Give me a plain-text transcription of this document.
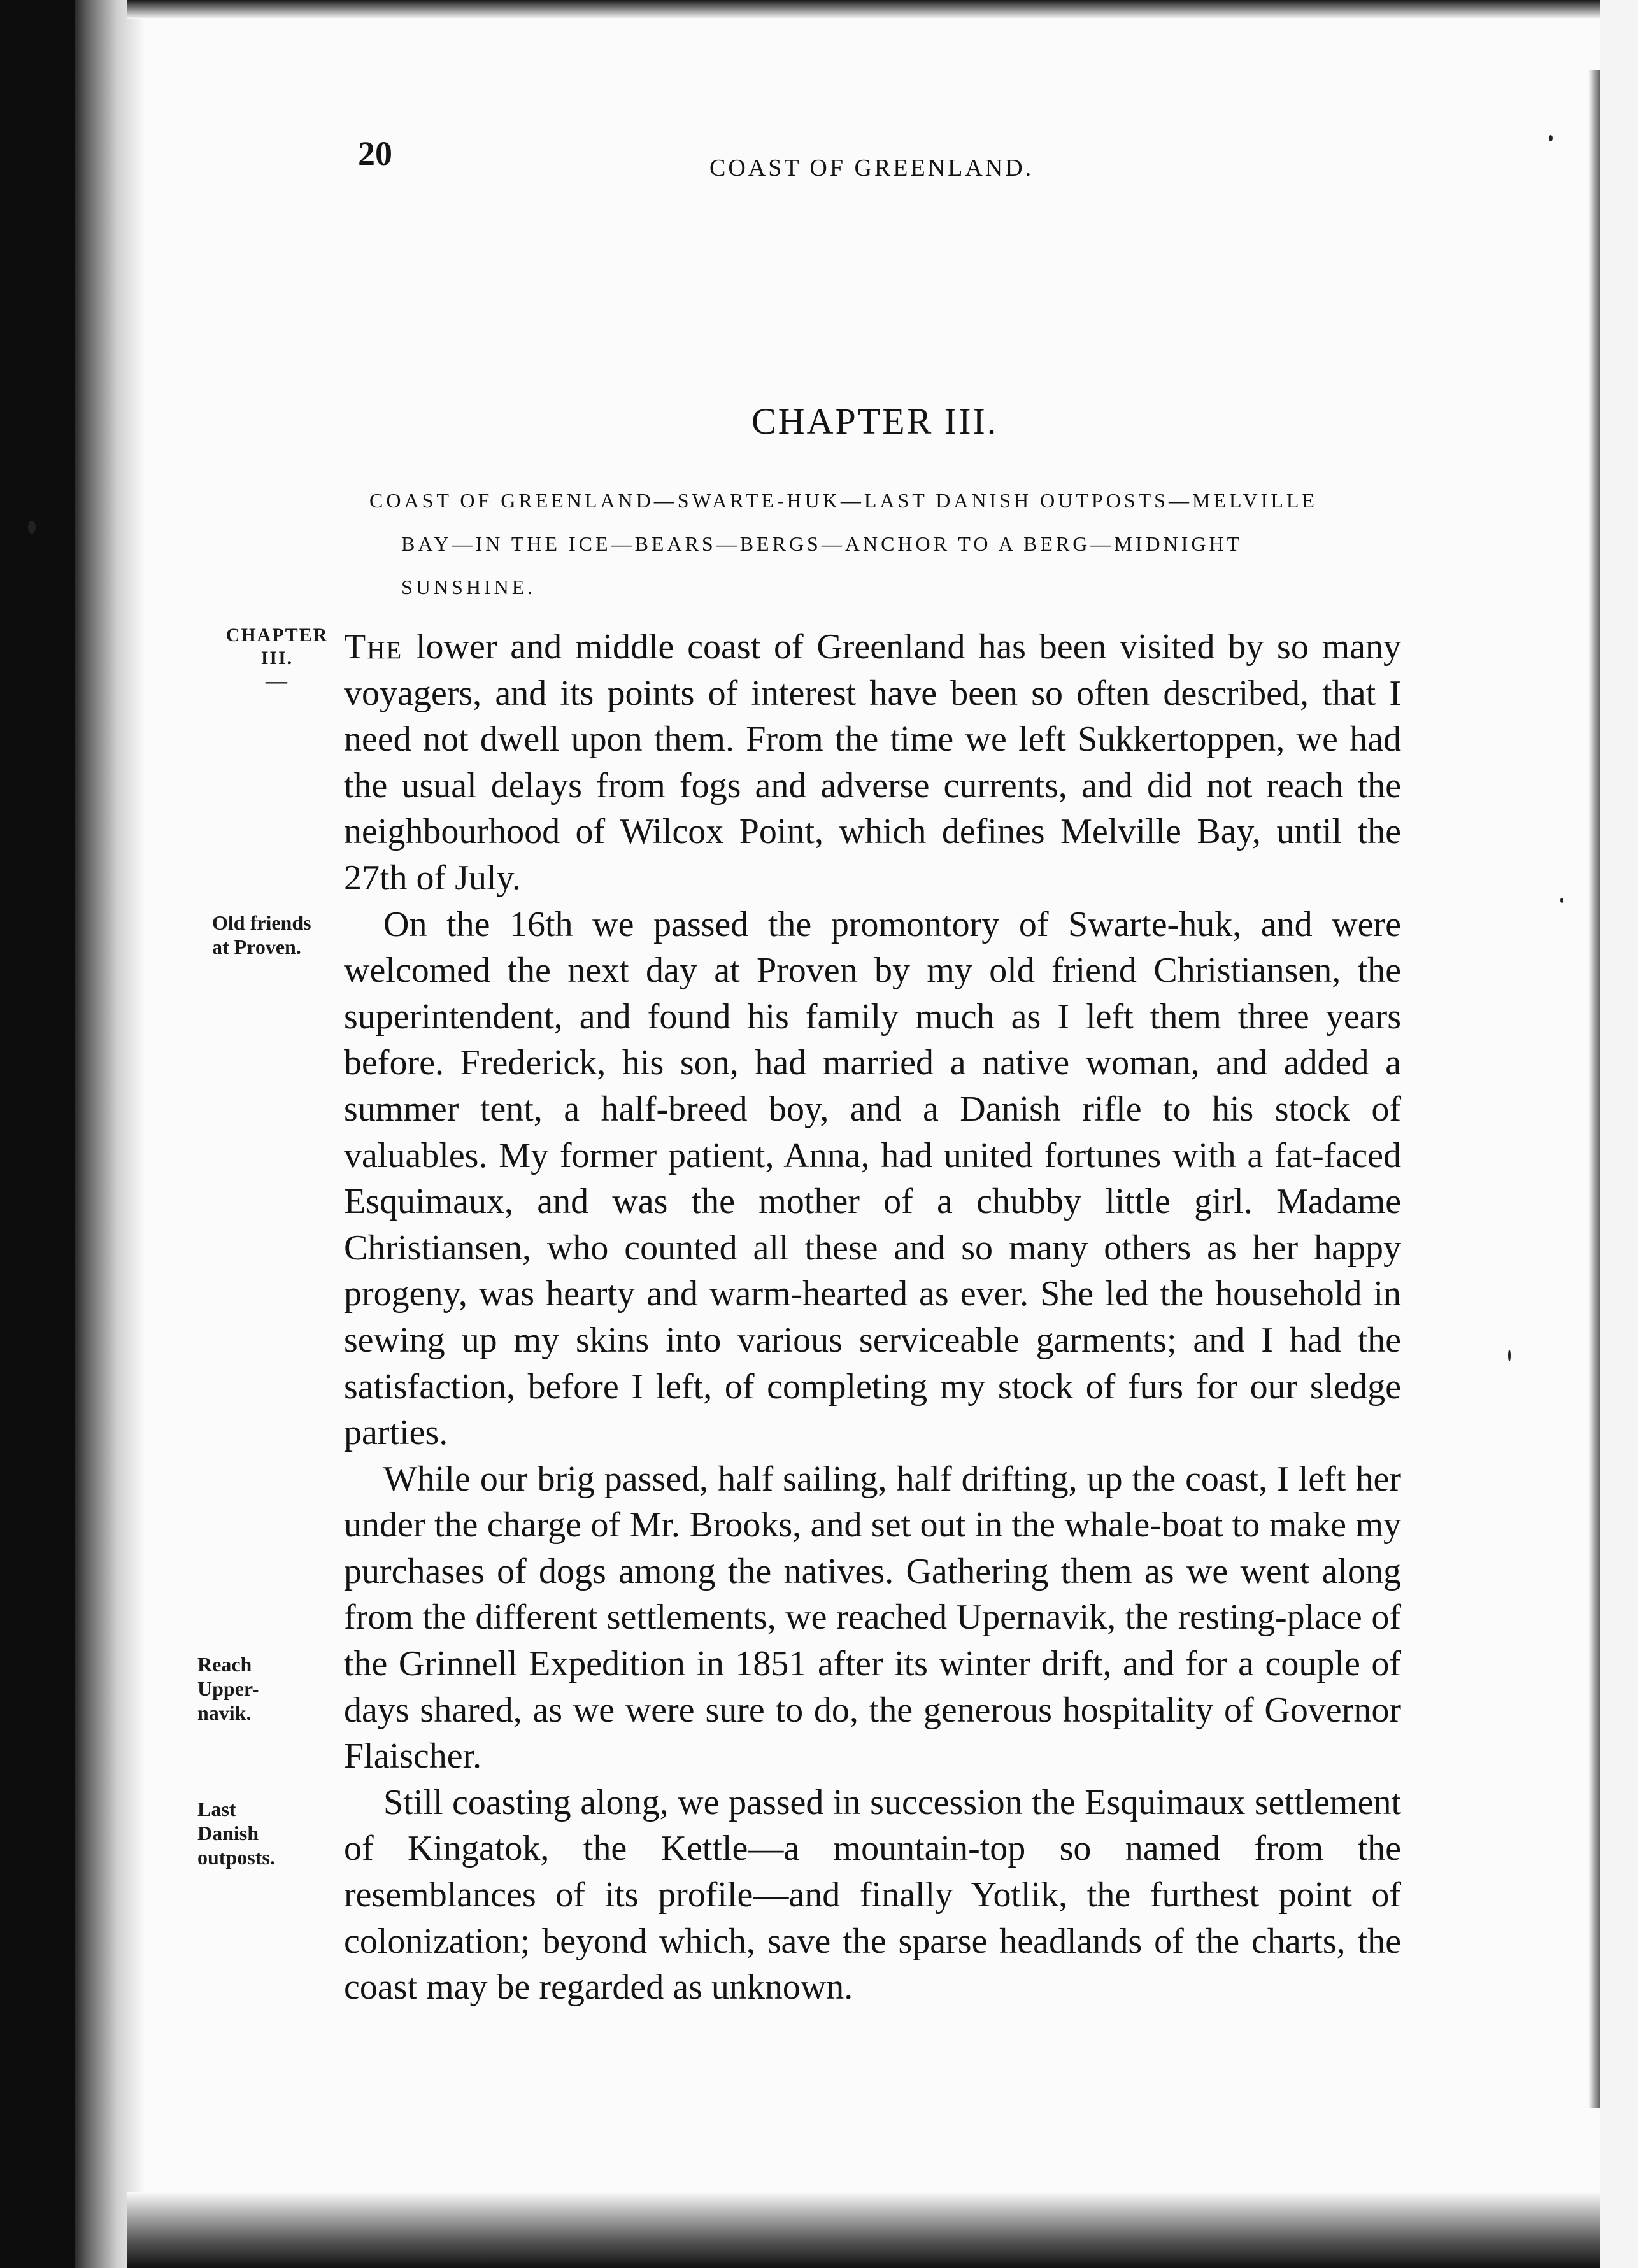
20	COAST OF GREENLAND.
CHAPTER III.
COAST OF GREENLAND—SWARTE-HUK—LAST DANISH OUTPOSTS—MELVILLE
BAY—IN THE ICE—BEARS—BERGS—ANCHOR TO A BERG—MIDNIGHT
SUNSHINE.
CHAPTER
III.
—
Old friends
at Proven.
Reach
Upper-
navik.
Last
Danish
outposts.

The lower and middle coast of Greenland has been visited by so many voyagers, and its points of interest have been so often described, that I need not dwell upon them. From the time we left Sukkertoppen, we had the usual delays from fogs and adverse currents, and did not reach the neighbourhood of Wilcox Point, which defines Melville Bay, until the 27th of July.

On the 16th we passed the promontory of Swarte-huk, and were welcomed the next day at Proven by my old friend Christiansen, the superintendent, and found his family much as I left them three years before. Frederick, his son, had married a native woman, and added a summer tent, a half-breed boy, and a Danish rifle to his stock of valuables. My former patient, Anna, had united fortunes with a fat-faced Esquimaux, and was the mother of a chubby little girl. Madame Christiansen, who counted all these and so many others as her happy progeny, was hearty and warm-hearted as ever. She led the household in sewing up my skins into various serviceable garments; and I had the satisfaction, before I left, of completing my stock of furs for our sledge parties.

While our brig passed, half sailing, half drifting, up the coast, I left her under the charge of Mr. Brooks, and set out in the whale-boat to make my purchases of dogs among the natives. Gathering them as we went along from the different settlements, we reached Upernavik, the resting-place of the Grinnell Expedition in 1851 after its winter drift, and for a couple of days shared, as we were sure to do, the generous hospitality of Governor Flaischer.

Still coasting along, we passed in succession the Esquimaux settlement of Kingatok, the Kettle—a mountain-top so named from the resemblances of its profile—and finally Yotlik, the furthest point of colonization; beyond which, save the sparse headlands of the charts, the coast may be regarded as unknown.
